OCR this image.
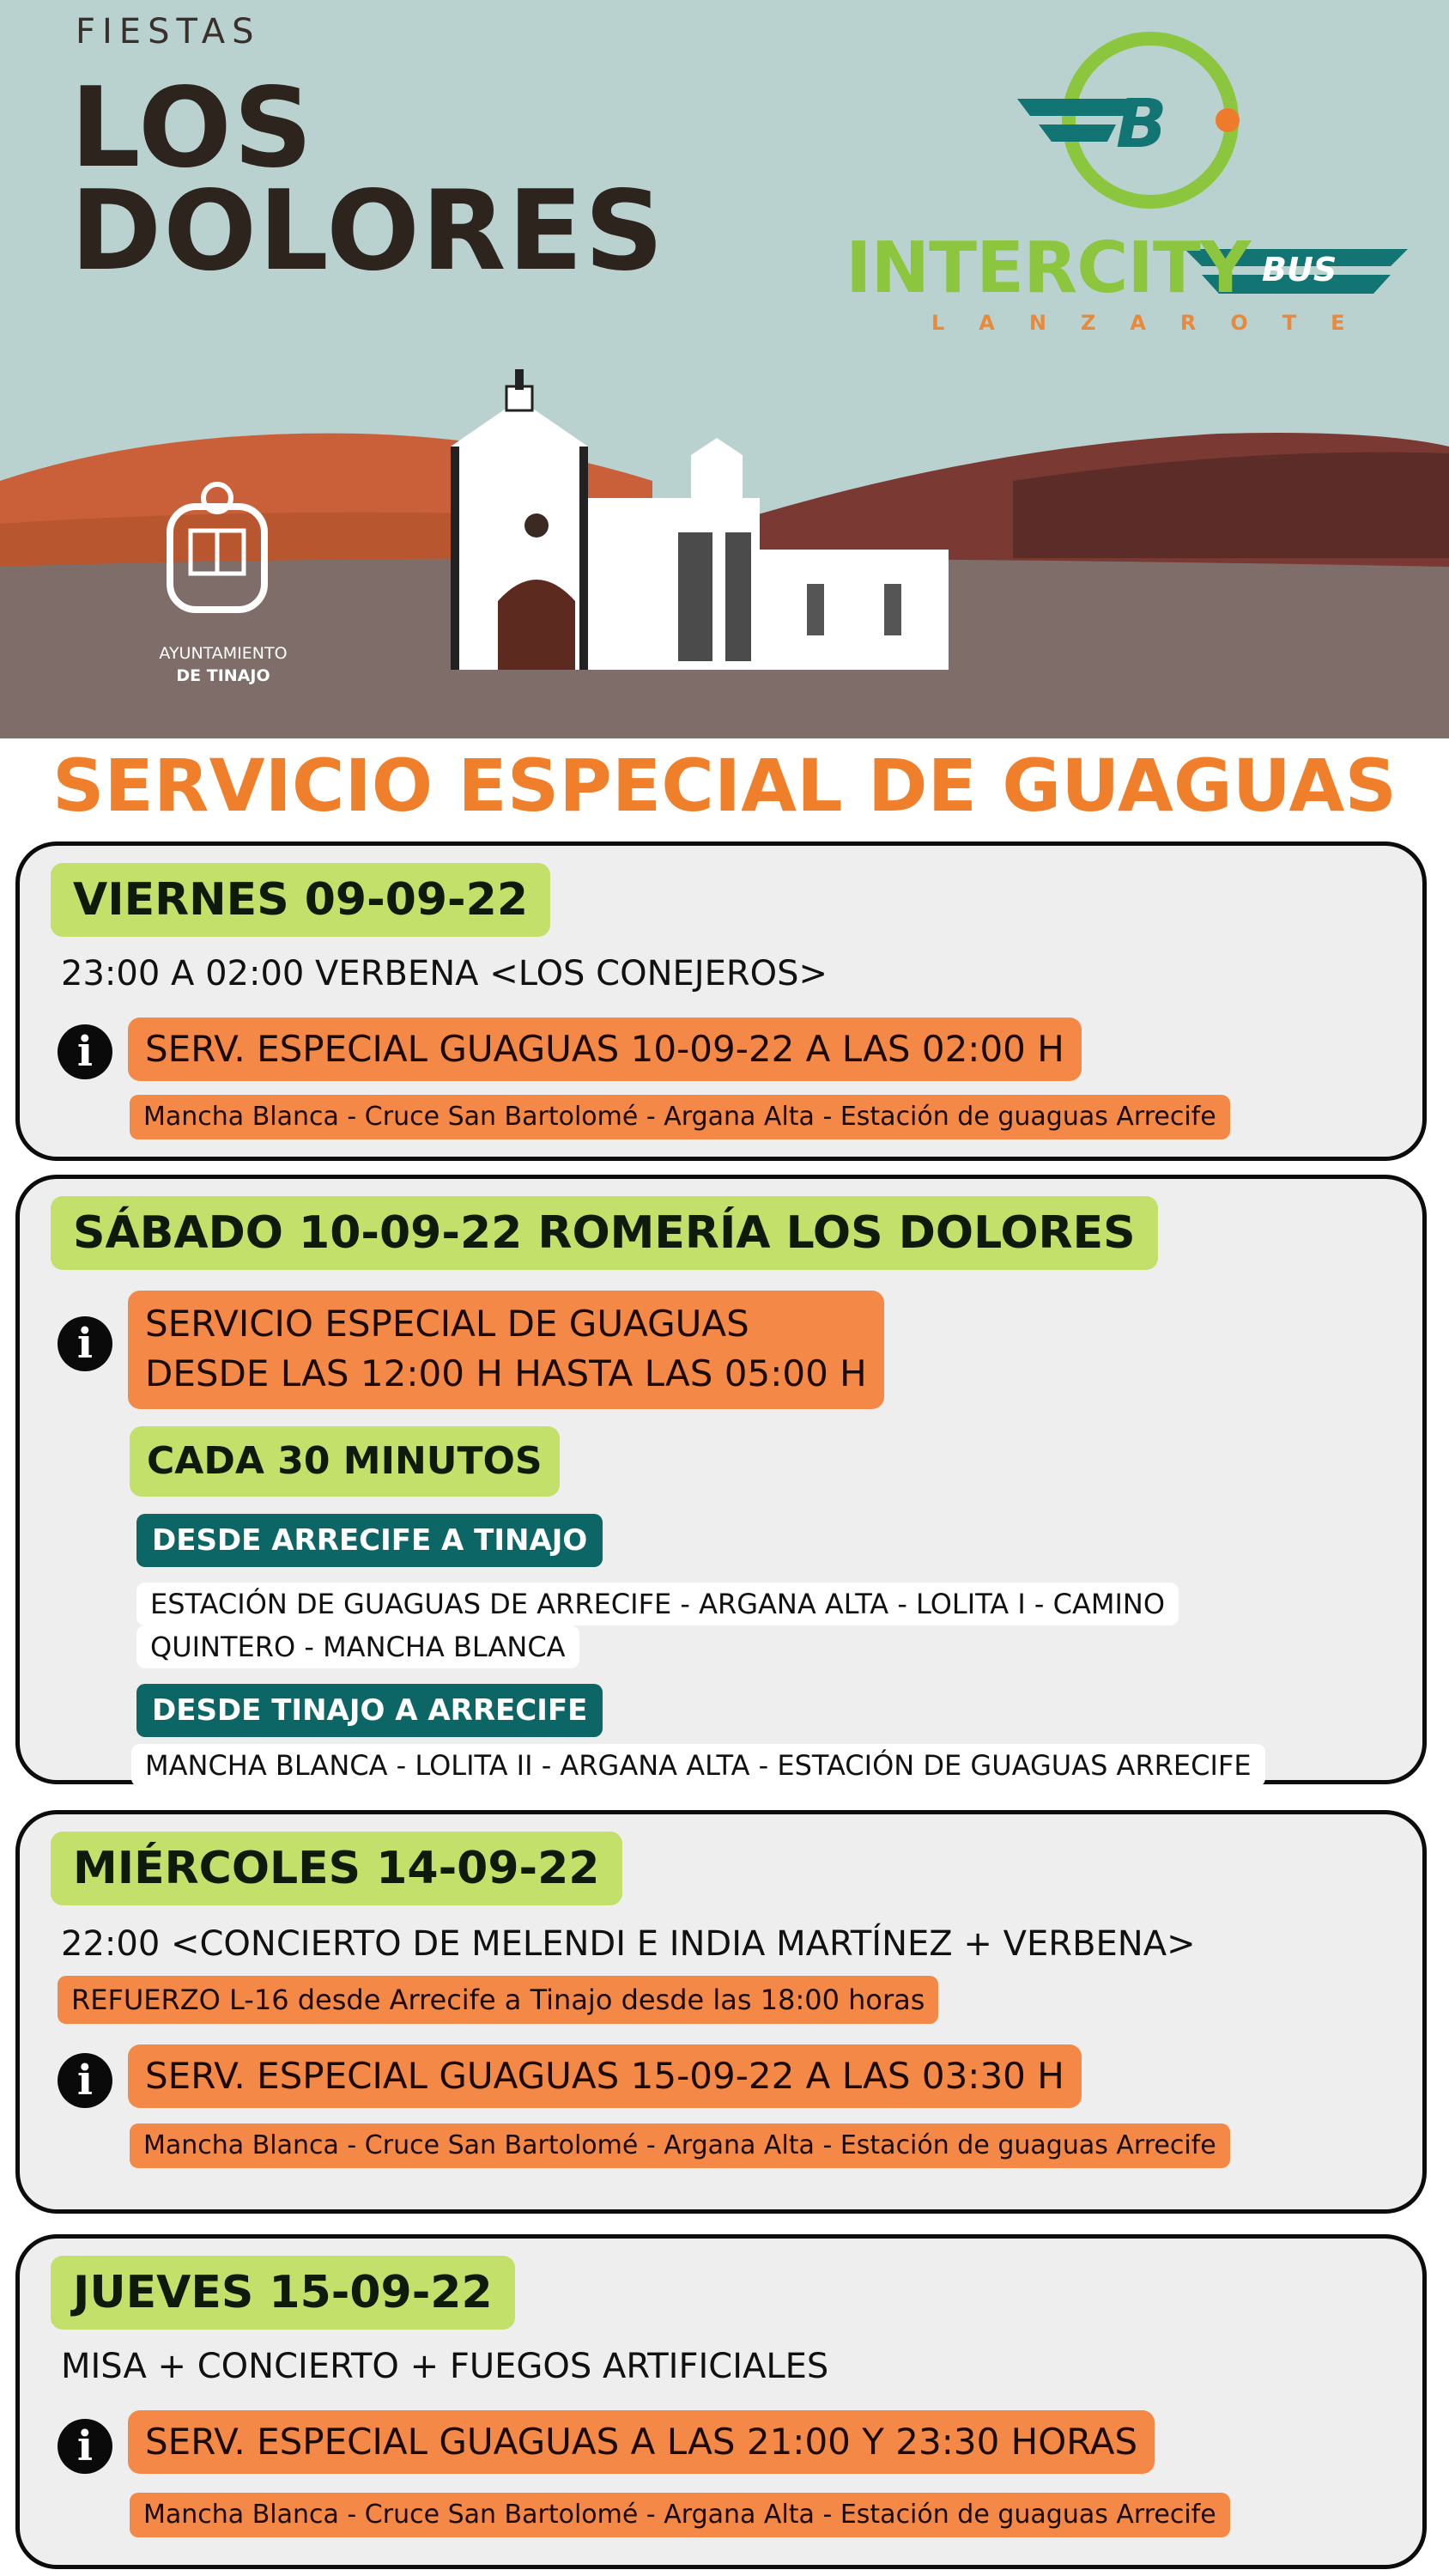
FIESTAS
LOS
DOLORES
AYUNTAMIENTO
DE TINAJO
B
INTERCITY BUS
LANZAROTE
SERVICIO ESPECIAL DE GUAGUAS
VIERNES 09-09-22
23:00 A 02:00 VERBENA <LOS CONEJEROS>
i	SERV. ESPECIAL GUAGUAS 10-09-22 A LAS 02:00 H
Mancha Blanca - Cruce San Bartolomé - Argana Alta - Estación de guaguas Arrecife
SÁBADO 10-09-22 ROMERÍA LOS DOLORES
i	SERVICIO ESPECIAL DE GUAGUAS
DESDE LAS 12:00 H HASTA LAS 05:00 H
CADA 30 MINUTOS
DESDE ARRECIFE A TINAJO
ESTACIÓN DE GUAGUAS DE ARRECIFE - ARGANA ALTA - LOLITA I - CAMINO
QUINTERO - MANCHA BLANCA
DESDE TINAJO A ARRECIFE
MANCHA BLANCA - LOLITA II - ARGANA ALTA - ESTACIÓN DE GUAGUAS ARRECIFE
MIÉRCOLES 14-09-22
22:00 <CONCIERTO DE MELENDI E INDIA MARTÍNEZ + VERBENA>
REFUERZO L-16 desde Arrecife a Tinajo desde las 18:00 horas
i	SERV. ESPECIAL GUAGUAS 15-09-22 A LAS 03:30 H
Mancha Blanca - Cruce San Bartolomé - Argana Alta - Estación de guaguas Arrecife
JUEVES 15-09-22
MISA + CONCIERTO + FUEGOS ARTIFICIALES
i	SERV. ESPECIAL GUAGUAS A LAS 21:00 Y 23:30 HORAS
Mancha Blanca - Cruce San Bartolomé - Argana Alta - Estación de guaguas Arrecife
